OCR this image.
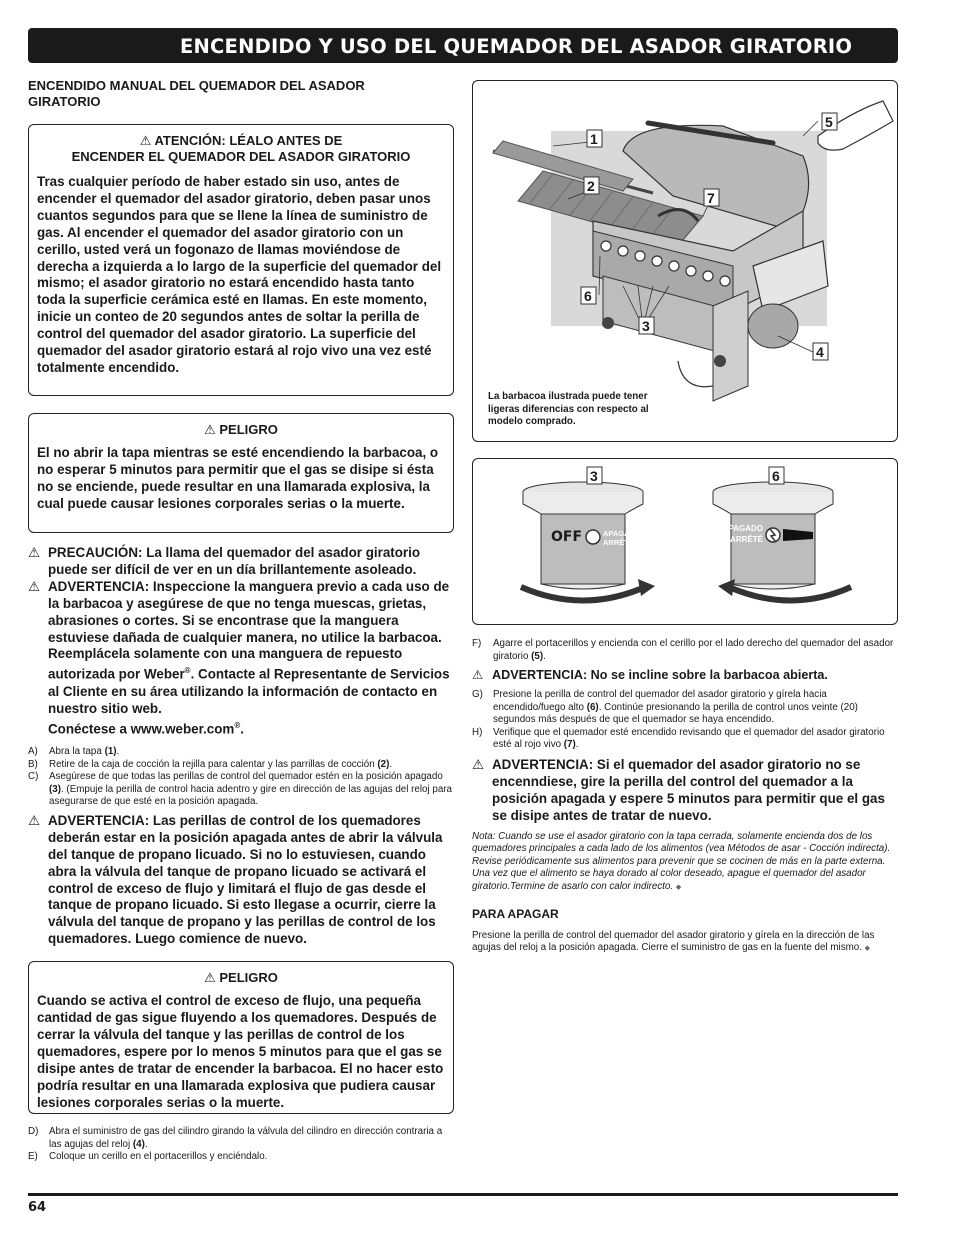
ENCENDIDO Y USO DEL QUEMADOR DEL ASADOR GIRATORIO
ENCENDIDO MANUAL DEL QUEMADOR DEL ASADOR GIRATORIO
⚠ ATENCIÓN: LÉALO ANTES DE
ENCENDER EL QUEMADOR DEL ASADOR GIRATORIO
Tras cualquier período de haber estado sin uso, antes de encender el quemador del asador giratorio, deben pasar unos cuantos segundos para que se llene la línea de suministro de gas. Al encender el quemador del asador giratorio con un cerillo, usted verá un fogonazo de llamas moviéndose de derecha a izquierda a lo largo de la superficie del quemador del mismo; el asador giratorio no estará encendido hasta tanto toda la superficie cerámica esté en llamas. En este momento, inicie un conteo de 20 segundos antes de soltar la perilla de control del quemador del asador giratorio. La superficie del quemador del asador giratorio estará al rojo vivo una vez esté totalmente encendido.
⚠ PELIGRO
El no abrir la tapa mientras se esté encendiendo la barbacoa, o no esperar 5 minutos para permitir que el gas se disipe si ésta no se enciende, puede resultar en una llamarada explosiva, la cual puede causar lesiones corporales serias o la muerte.
⚠ PRECAUCIÓN: La llama del quemador del asador giratorio puede ser difícil de ver en un día brillantemente asoleado.
⚠ ADVERTENCIA: Inspeccione la manguera previo a cada uso de la barbacoa y asegúrese de que no tenga muescas, grietas, abrasiones o cortes. Si se encontrase que la manguera estuviese dañada de cualquier manera, no utilice la barbacoa. Reemplácela solamente con una manguera de repuesto autorizada por Weber®. Contacte al Representante de Servicios al Cliente en su área utilizando la información de contacto en nuestro sitio web.
Conéctese a www.weber.com®.
A)	Abra la tapa (1).
B)	Retire de la caja de cocción la rejilla para calentar y las parrillas de cocción (2).
C)	Asegúrese de que todas las perillas de control del quemador estén en la posición apagado (3). (Empuje la perilla de control hacia adentro y gire en dirección de las agujas del reloj para asegurarse de que esté en la posición apagada.
⚠ ADVERTENCIA: Las perillas de control de los quemadores deberán estar en la posición apagada antes de abrir la válvula del tanque de propano licuado. Si no lo estuviesen, cuando abra la válvula del tanque de propano licuado se activará el control de exceso de flujo y limitará el flujo de gas desde el tanque de propano licuado. Si esto llegase a ocurrir, cierre la válvula del tanque de propano y las perillas de control de los quemadores. Luego comience de nuevo.
⚠ PELIGRO
Cuando se activa el control de exceso de flujo, una pequeña cantidad de gas sigue fluyendo a los quemadores. Después de cerrar la válvula del tanque y las perillas de control de los quemadores, espere por lo menos 5 minutos para que el gas se disipe antes de tratar de encender la barbacoa. El no hacer esto podría resultar en una llamarada explosiva que pudiera causar lesiones corporales serias o la muerte.
D)	Abra el suministro de gas del cilindro girando la válvula del cilindro en dirección contraria a las agujas del reloj (4).
E)	Coloque un cerillo en el portacerillos y enciéndalo.
1
2
7
5
6
3
4
La barbacoa ilustrada puede tener ligeras diferencias con respecto al modelo comprado.
3	6
OFF	APAGADO
ARRÊTÉ
APAGADO
ARRÊTÉ
F)	Agarre el portacerillos y encienda con el cerillo por el lado derecho del quemador del asador giratorio (5).
⚠ ADVERTENCIA: No se incline sobre la barbacoa abierta.
G)	Presione la perilla de control del quemador del asador giratorio y gírela hacia encendido/fuego alto (6). Continúe presionando la perilla de control unos veinte (20) segundos más después de que el quemador se haya encendido.
H)	Verifique que el quemador esté encendido revisando que el quemador del asador giratorio esté al rojo vivo (7).
⚠ ADVERTENCIA: Si el quemador del asador giratorio no se encenndiese, gire la perilla del control del quemador a la posición apagada y espere 5 minutos para permitir que el gas se disipe antes de tratar de nuevo.
Nota: Cuando se use el asador giratorio con la tapa cerrada, solamente encienda dos de los quemadores principales a cada lado de los alimentos (vea Métodos de asar - Cocción indirecta). Revise periódicamente sus alimentos para prevenir que se cocinen de más en la parte externa. Una vez que el alimento se haya dorado al color deseado, apague el quemador del asador giratorio.Termine de asarlo con calor indirecto. ◆
PARA APAGAR
Presione la perilla de control del quemador del asador giratorio y gírela en la dirección de las agujas del reloj a la posición apagada. Cierre el suministro de gas en la fuente del mismo. ◆
64
